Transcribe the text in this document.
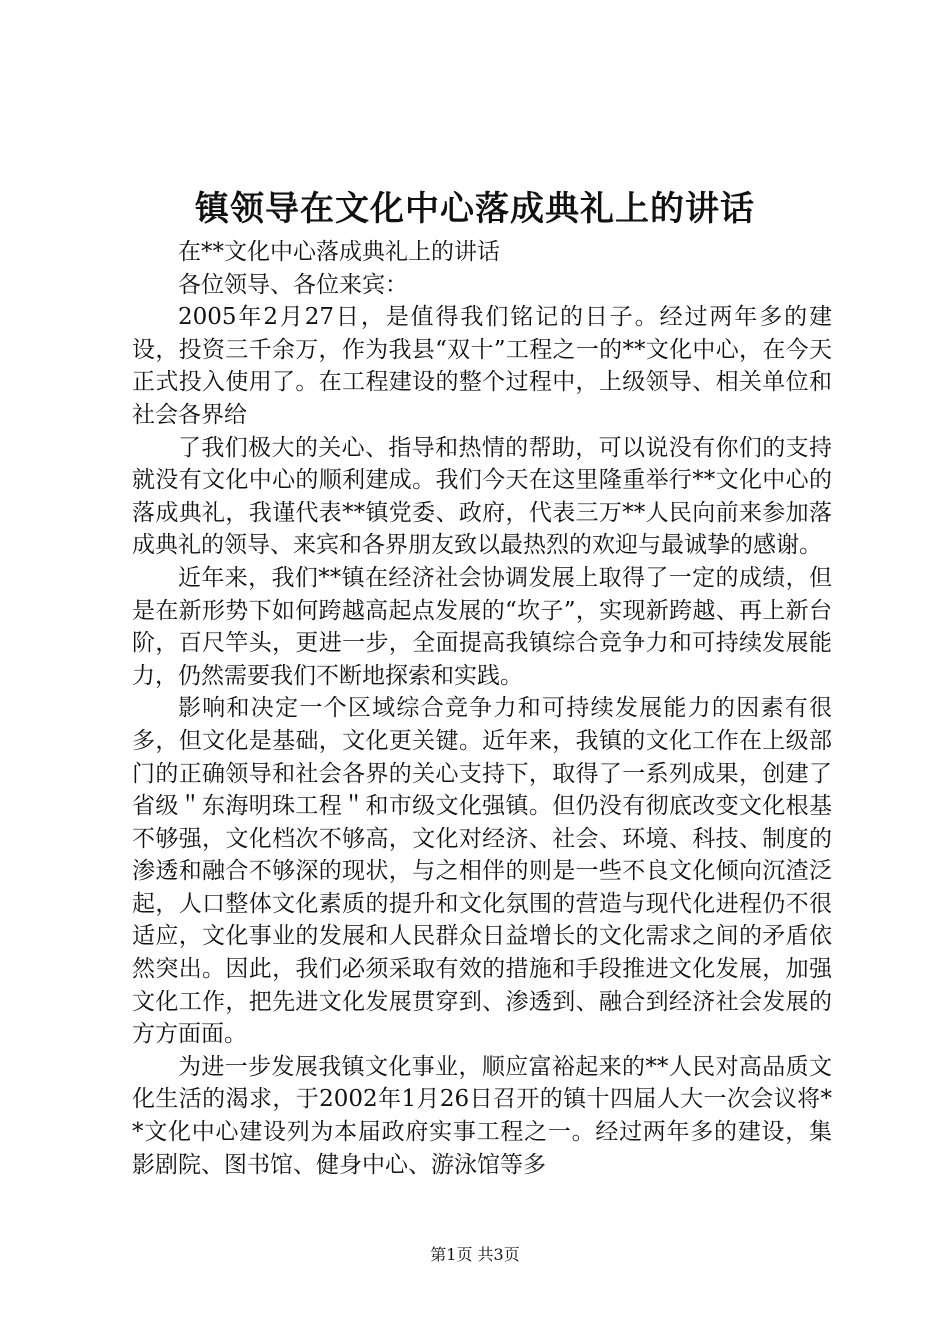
镇领导在文化中心落成典礼上的讲话

在**文化中心落成典礼上的讲话

各位领导、各位来宾：

2005年2月27日，是值得我们铭记的日子。经过两年多的建设，投资三千余万，作为我县“双十”工程之一的**文化中心，在今天正式投入使用了。在工程建设的整个过程中，上级领导、相关单位和社会各界给

了我们极大的关心、指导和热情的帮助，可以说没有你们的支持就没有文化中心的顺利建成。我们今天在这里隆重举行**文化中心的落成典礼，我谨代表**镇党委、政府，代表三万**人民向前来参加落成典礼的领导、来宾和各界朋友致以最热烈的欢迎与最诚挚的感谢。

近年来，我们**镇在经济社会协调发展上取得了一定的成绩，但是在新形势下如何跨越高起点发展的“坎子”，实现新跨越、再上新台阶，百尺竿头，更进一步，全面提高我镇综合竞争力和可持续发展能力，仍然需要我们不断地探索和实践。

影响和决定一个区域综合竞争力和可持续发展能力的因素有很多，但文化是基础，文化更关键。近年来，我镇的文化工作在上级部门的正确领导和社会各界的关心支持下，取得了一系列成果，创建了省级＂东海明珠工程＂和市级文化强镇。但仍没有彻底改变文化根基不够强，文化档次不够高，文化对经济、社会、环境、科技、制度的渗透和融合不够深的现状，与之相伴的则是一些不良文化倾向沉渣泛起，人口整体文化素质的提升和文化氛围的营造与现代化进程仍不很适应，文化事业的发展和人民群众日益增长的文化需求之间的矛盾依然突出。因此，我们必须采取有效的措施和手段推进文化发展，加强文化工作，把先进文化发展贯穿到、渗透到、融合到经济社会发展的方方面面。

为进一步发展我镇文化事业，顺应富裕起来的**人民对高品质文化生活的渴求，于2002年1月26日召开的镇十四届人大一次会议将**文化中心建设列为本届政府实事工程之一。经过两年多的建设，集影剧院、图书馆、健身中心、游泳馆等多

第1页 共3页
